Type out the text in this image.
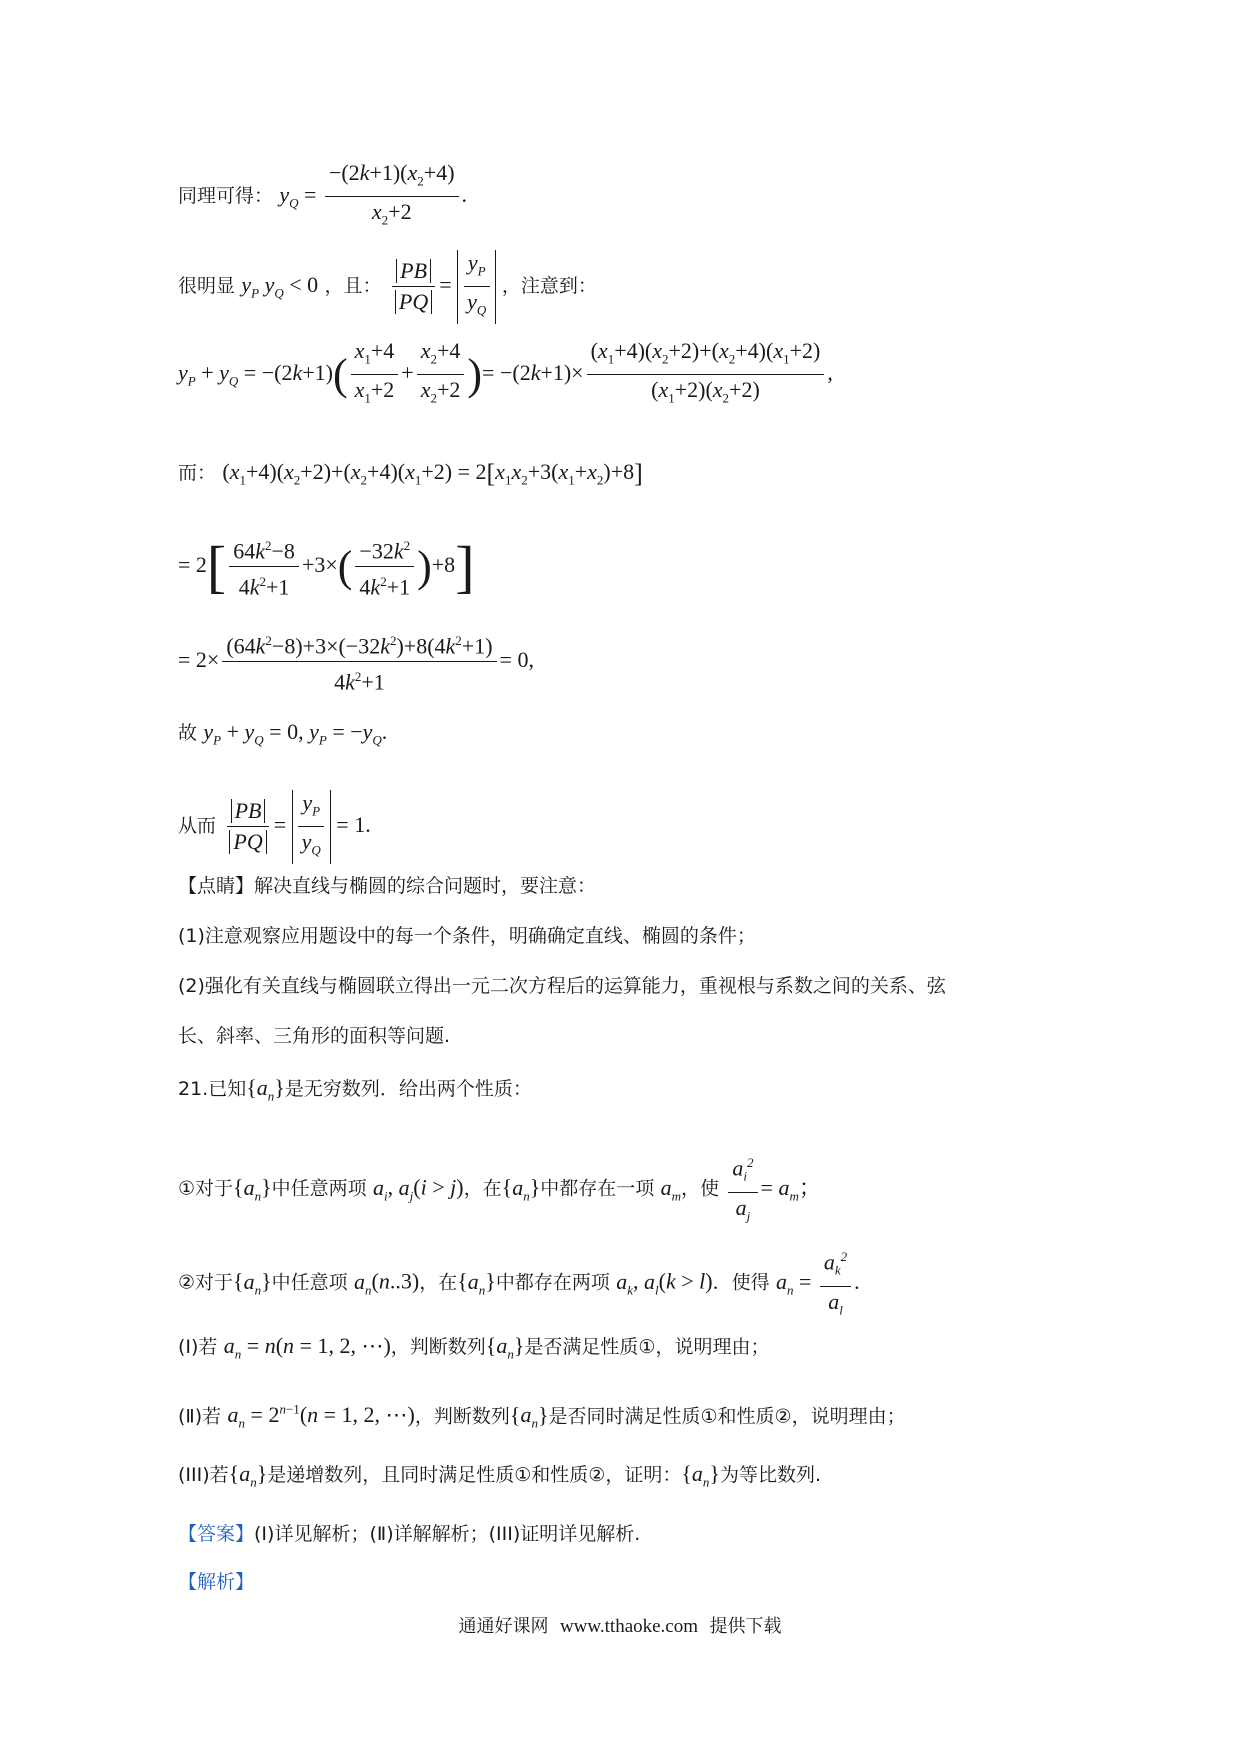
同理可得： $y_Q = \frac{-(2k+1)(x_2+4)}{x_2+2}$ .
很明显 $y_P$ $y_Q < 0$ ，且： $\frac{PB}{PQ} = \frac{y_P}{y_Q}$ ，注意到：
$y_P + y_Q = -(2k+1)( \frac{x_1+4}{x_1+2} + \frac{x_2+4}{x_2+2}$ )= $-(2k+1)\times \frac{(x_1+4)(x_2+2)+(x_2+4)(x_1+2)}{(x_1+2)(x_2+2)}$ ,
而： $(x_1+4)(x_2+2)+(x_2+4)(x_1+2) = 2[x_1x_2+3(x_1+x_2)+8]$
= $2[ \frac{64k^2-8}{4k^2+1} +3\times( \frac{-32k^2}{4k^2+1} )+8]$
= $2\times \frac{(64k^2-8)+3\times(-32k^2)+8(4k^2+1)}{4k^2+1} = 0$,
故 $y_P + y_Q = 0$, $y_P = -y_Q$.
从而 $\frac{PB}{PQ} = \frac{y_P}{y_Q} = 1$.
【点睛】解决直线与椭圆的综合问题时，要注意：
(1)注意观察应用题设中的每一个条件，明确确定直线、椭圆的条件；
(2)强化有关直线与椭圆联立得出一元二次方程后的运算能力，重视根与系数之间的关系、弦
长、斜率、三角形的面积等问题.
21.已知$\{a_n\}$是无穷数列．给出两个性质：
①对于$\{a_n\}$中任意两项 $a_i$, $a_j(i > j)$，在$\{a_n\}$中都存在一项 $a_m$，使 $\frac{a_i^2}{a_j} = a_m$；
②对于$\{a_n\}$中任意项 $a_n(n..3)$，在$\{a_n\}$中都存在两项 $a_k$, $a_l(k > l)$．使得 $a_n = \frac{a_k^2}{a_l}$ .
(Ⅰ)若 $a_n = n(n = 1$, 2, ⋯)，判断数列$\{a_n\}$是否满足性质①，说明理由；
(Ⅱ)若 $a_n = 2^{n-1}(n = 1$, 2, ⋯)，判断数列$\{a_n\}$是否同时满足性质①和性质②，说明理由；
(III)若$\{a_n\}$是递增数列，且同时满足性质①和性质②，证明：$\{a_n\}$为等比数列.
【答案】(Ⅰ)详见解析；(Ⅱ)详解解析；(III)证明详见解析.
【解析】
通通好课网 www.tthaoke.com 提供下载
